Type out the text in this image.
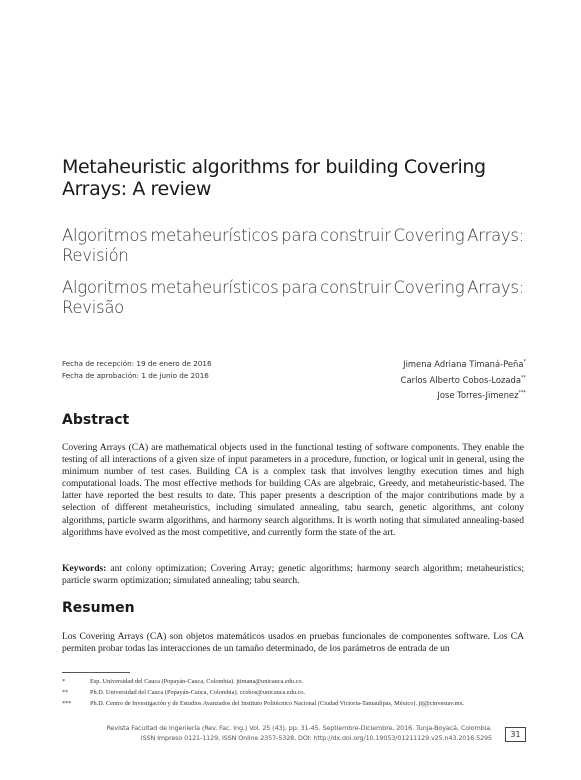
Metaheuristic algorithms for building Covering Arrays: A review
Algoritmos metaheurísticos para construir Covering Arrays:
Revisión
Algoritmos metaheurísticos para construir Covering Arrays:
Revisão
Fecha de recepción: 19 de enero de 2016
Fecha de aprobación: 1 de junio de 2016
Jimena Adriana Timaná-Peña*
Carlos Alberto Cobos-Lozada**
Jose Torres-Jimenez***
Abstract
Covering Arrays (CA) are mathematical objects used in the functional testing of software components. They enable the testing of all interactions of a given size of input parameters in a procedure, function, or logical unit in general, using the minimum number of test cases. Building CA is a complex task that involves lengthy execution times and high computational loads. The most effective methods for building CAs are algebraic, Greedy, and metaheuristic-based. The latter have reported the best results to date. This paper presents a description of the major contributions made by a selection of different metaheuristics, including simulated annealing, tabu search, genetic algorithms, ant colony algorithms, particle swarm algorithms, and harmony search algorithms. It is worth noting that simulated annealing-based algorithms have evolved as the most competitive, and currently form the state of the art.
Keywords: ant colony optimization; Covering Array; genetic algorithms; harmony search algorithm; metaheuristics; particle swarm optimization; simulated annealing; tabu search.
Resumen
Los Covering Arrays (CA) son objetos matemáticos usados en pruebas funcionales de componentes software. Los CA permiten probar todas las interacciones de un tamaño determinado, de los parámetros de entrada de un
*	Esp. Universidad del Cauca (Popayán-Cauca, Colombia). jtimana@unicauca.edu.co.
**	Ph.D. Universidad del Cauca (Popayán-Cauca, Colombia). ccobos@unicauca.edu.co.
***	Ph.D. Centro de Investigación y de Estudios Avanzados del Instituto Politécnico Nacional (Ciudad Victoria-Tamaulipas, México). jtj@cinvestav.mx.
Revista Facultad de Ingeniería (Rev. Fac. Ing.) Vol. 25 (43), pp. 31-45. Septiembre-Diciembre, 2016. Tunja-Boyacá, Colombia.
ISSN Impreso 0121-1129, ISSN Online 2357-5328, DOI: http://dx.doi.org/10.19053/01211129.v25.n43.2016.5295	31
